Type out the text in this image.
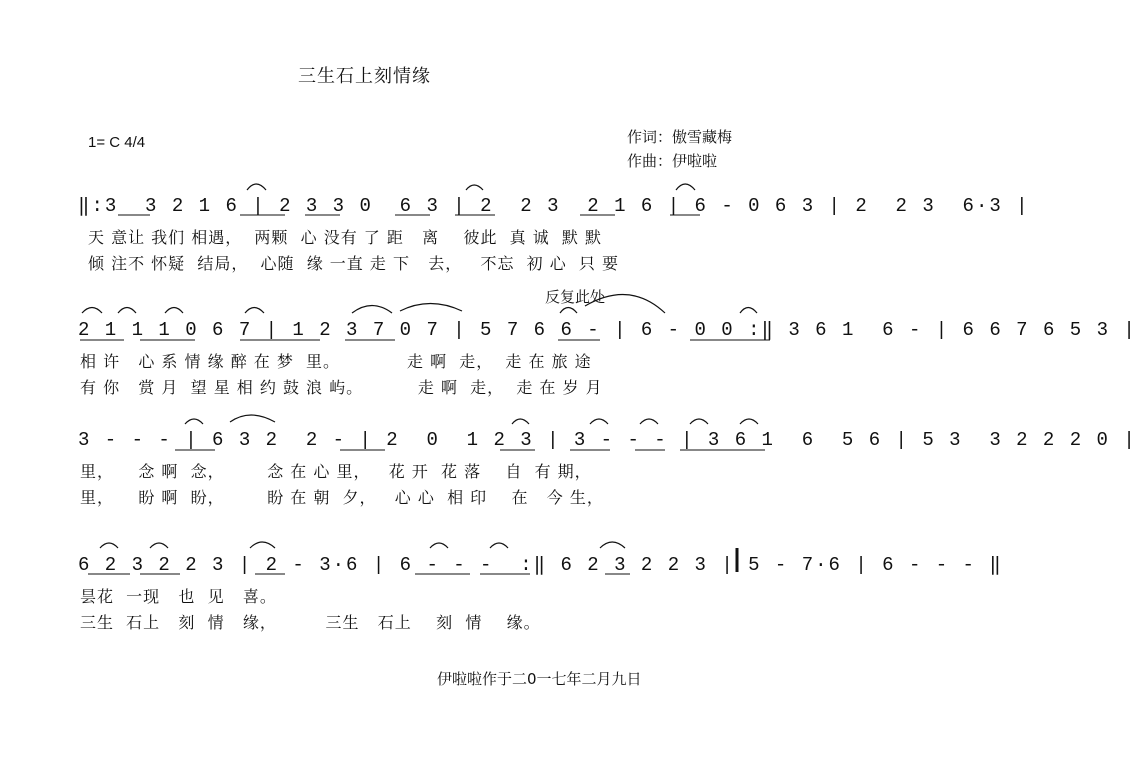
三生石上刻情缘
1= C 4/4	作词：傲雪藏梅
作曲：伊啦啦
‖:3  3 2 1 6 | 2 3 3 0  6 3 | 2  2 3  2 1 6 | 6 - 0 6 3 | 2  2 3  6·3 |
天 意让 我们 相遇，  两颗  心 没有 了 距   离    彼此  真 诚  默 默
倾 注不 怀疑  结局，  心随  缘 一直 走 下   去，   不忘  初 心  只 要
反复此处
2 1 1 1 0 6 7 | 1 2 3 7 0 7 | 5 7 6 6 - | 6 - 0 0 :‖ 3 6 1  6 - | 6 6 7 6 5 3 |
相 许   心 系 情 缘 醉 在 梦  里。           走 啊  走，  走 在 旅 途
有 你   赏 月  望 星 相 约 鼓 浪 屿。         走 啊  走，  走 在 岁 月
3 - - - | 6 3 2  2 - | 2  0  1 2 3 | 3 - - - | 3 6 1  6  5 6 | 5 3  3 2 2 2 0 |
里，    念 啊  念，       念 在 心 里，   花 开  花 落    自  有 期，
里，    盼 啊  盼，       盼 在 朝  夕，   心 心  相 印    在   今 生，
6 2 3 2 2 3 | 2 - 3·6 | 6 - - -  :‖ 6 2 3 2 2 3 | 5 - 7·6 | 6 - - - ‖
昙花  一现   也  见   喜。
三生  石上   刻  情   缘，        三生   石上    刻  情    缘。
伊啦啦作于二0一七年二月九日
